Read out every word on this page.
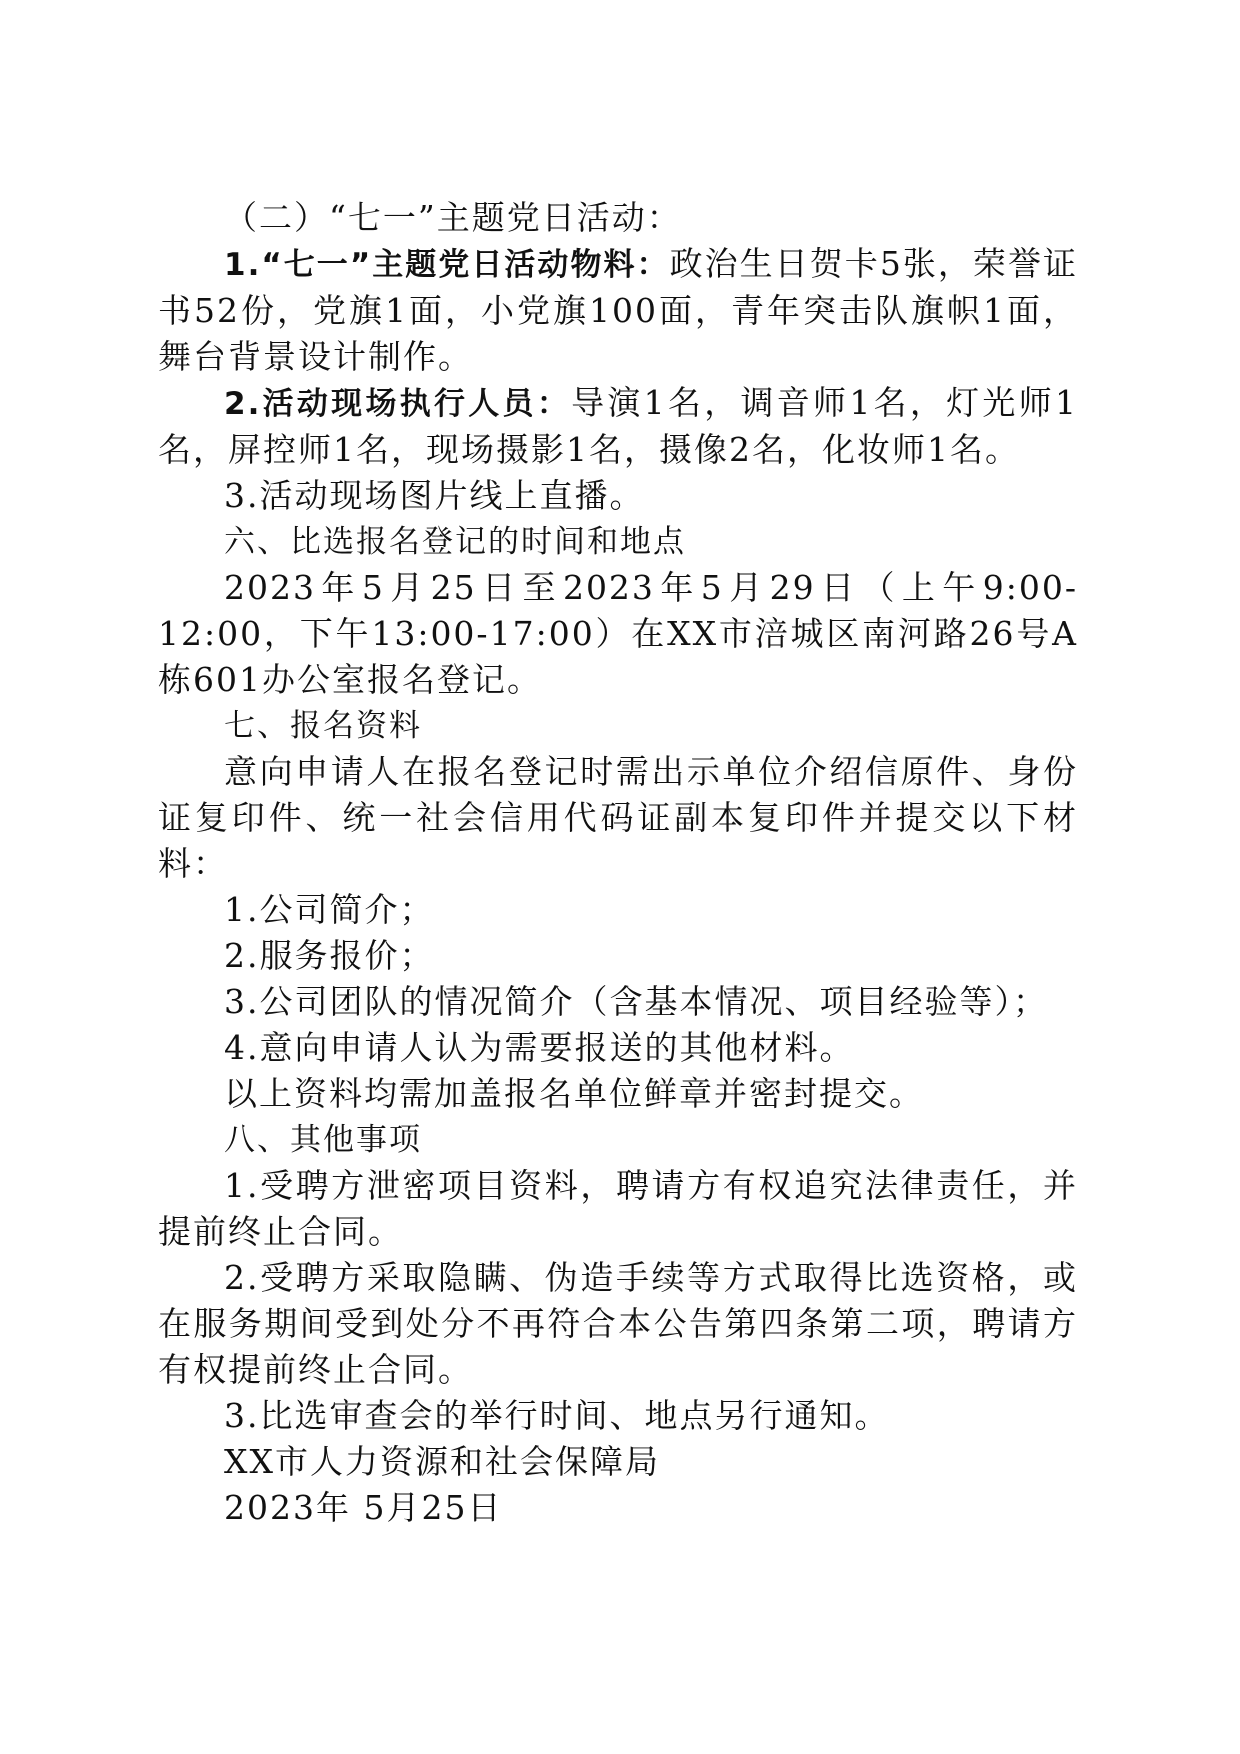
（二）“七一”主题党日活动：

1.“七一”主题党日活动物料：政治生日贺卡5张，荣誉证书52份，党旗1面，小党旗100面，青年突击队旗帜1面，舞台背景设计制作。

2.活动现场执行人员：导演1名，调音师1名，灯光师1名，屏控师1名，现场摄影1名，摄像2名，化妆师1名。

3.活动现场图片线上直播。

六、比选报名登记的时间和地点

2023年5月25日至2023年5月29日（上午9:00-12:00，下午13:00-17:00）在XX市涪城区南河路26号A栋601办公室报名登记。

七、报名资料

意向申请人在报名登记时需出示单位介绍信原件、身份证复印件、统一社会信用代码证副本复印件并提交以下材料：

1.公司简介；

2.服务报价；

3.公司团队的情况简介（含基本情况、项目经验等）；

4.意向申请人认为需要报送的其他材料。

以上资料均需加盖报名单位鲜章并密封提交。

八、其他事项

1.受聘方泄密项目资料，聘请方有权追究法律责任，并提前终止合同。

2.受聘方采取隐瞒、伪造手续等方式取得比选资格，或在服务期间受到处分不再符合本公告第四条第二项，聘请方有权提前终止合同。

3.比选审查会的举行时间、地点另行通知。

XX市人力资源和社会保障局

2023年 5月25日
